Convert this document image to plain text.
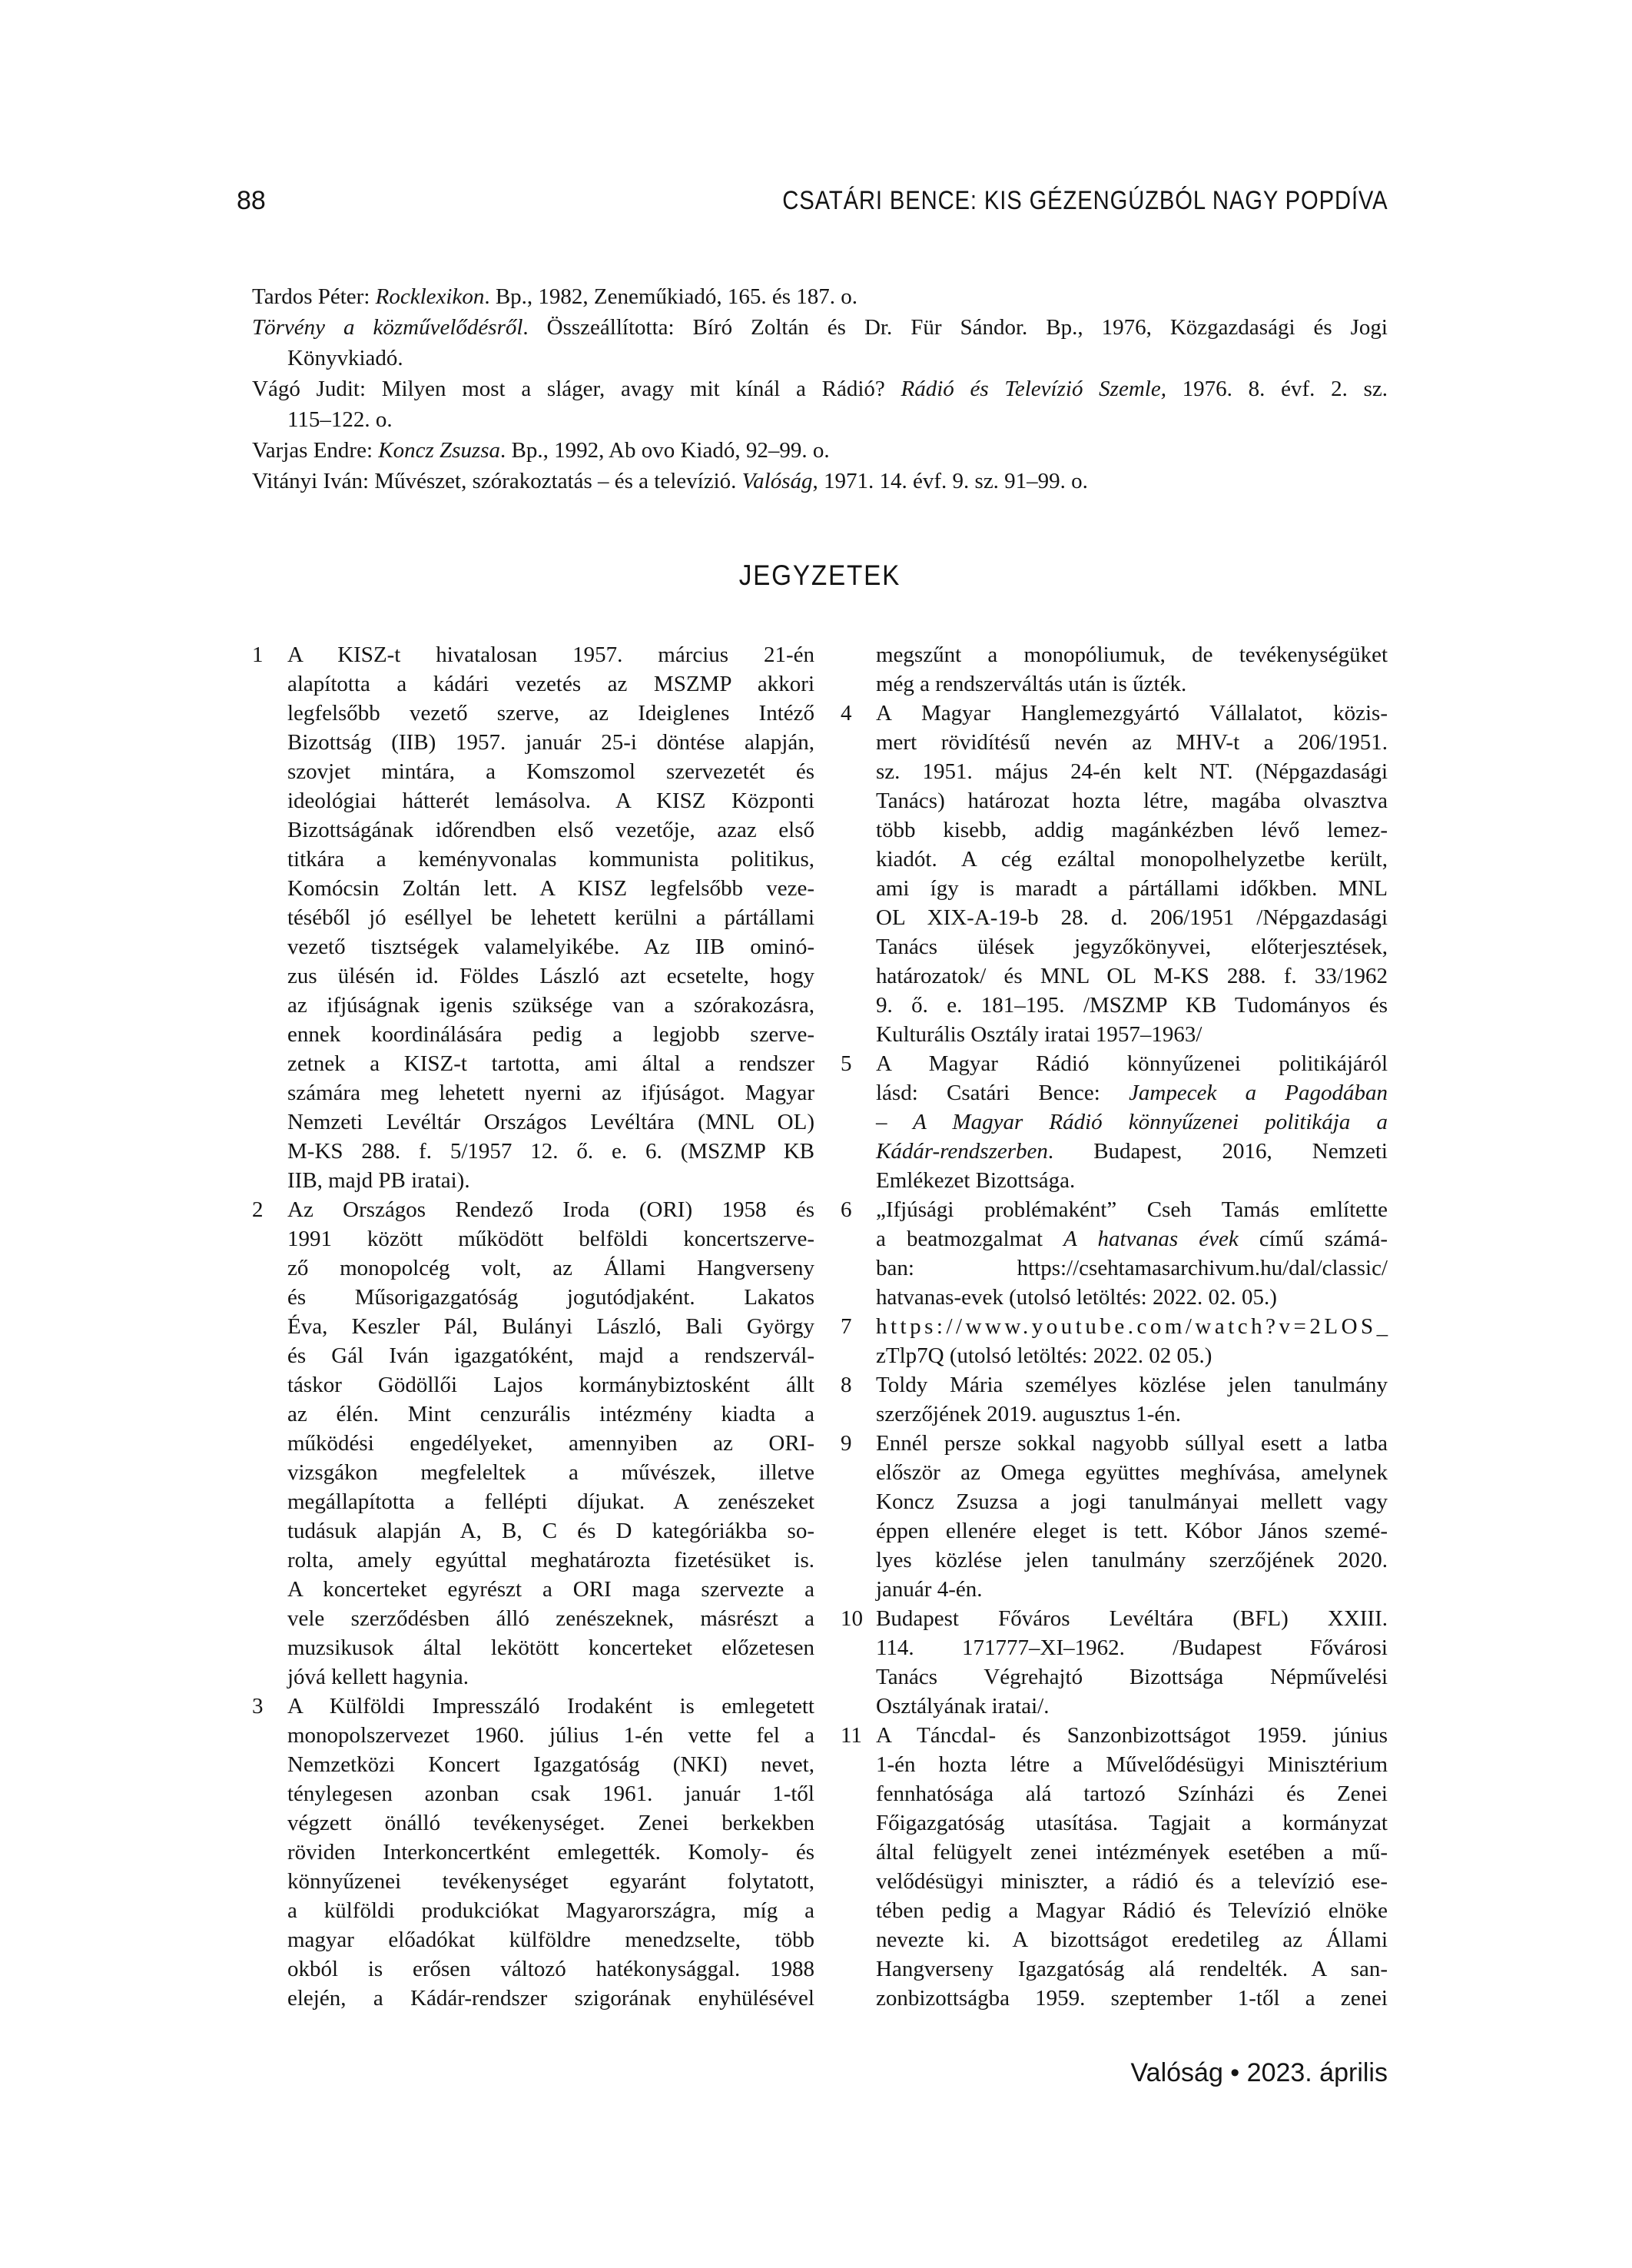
88	CSATÁRI BENCE: KIS GÉZENGÚZBÓL NAGY POPDÍVA
Tardos Péter: Rocklexikon. Bp., 1982, Zeneműkiadó, 165. és 187. o.
Törvény a közművelődésről. Összeállította: Bíró Zoltán és Dr. Für Sándor. Bp., 1976, Közgazdasági és Jogi
Könyvkiadó.
Vágó Judit: Milyen most a sláger, avagy mit kínál a Rádió? Rádió és Televízió Szemle, 1976. 8. évf. 2. sz.
115–122. o.
Varjas Endre: Koncz Zsuzsa. Bp., 1992, Ab ovo Kiadó, 92–99. o.
Vitányi Iván: Művészet, szórakoztatás – és a televízió. Valóság, 1971. 14. évf. 9. sz. 91–99. o.
JEGYZETEK
1	A KISZ-t hivatalosan 1957. március 21-én
alapította a kádári vezetés az MSZMP akkori
legfelsőbb vezető szerve, az Ideiglenes Intéző
Bizottság (IIB) 1957. január 25-i döntése alapján,
szovjet mintára, a Komszomol szervezetét és
ideológiai hátterét lemásolva. A KISZ Központi
Bizottságának időrendben első vezetője, azaz első
titkára a keményvonalas kommunista politikus,
Komócsin Zoltán lett. A KISZ legfelsőbb veze-
téséből jó eséllyel be lehetett kerülni a pártállami
vezető tisztségek valamelyikébe. Az IIB ominó-
zus ülésén id. Földes László azt ecsetelte, hogy
az ifjúságnak igenis szüksége van a szórakozásra,
ennek koordinálására pedig a legjobb szerve-
zetnek a KISZ-t tartotta, ami által a rendszer
számára meg lehetett nyerni az ifjúságot. Magyar
Nemzeti Levéltár Országos Levéltára (MNL OL)
M-KS 288. f. 5/1957 12. ő. e. 6. (MSZMP KB
IIB, majd PB iratai).
2	Az Országos Rendező Iroda (ORI) 1958 és
1991 között működött belföldi koncertszerve-
ző monopolcég volt, az Állami Hangverseny
és Műsorigazgatóság jogutódjaként. Lakatos
Éva, Keszler Pál, Bulányi László, Bali György
és Gál Iván igazgatóként, majd a rendszervál-
táskor Gödöllői Lajos kormánybiztosként állt
az élén. Mint cenzurális intézmény kiadta a
működési engedélyeket, amennyiben az ORI-
vizsgákon megfeleltek a művészek, illetve
megállapította a fellépti díjukat. A zenészeket
tudásuk alapján A, B, C és D kategóriákba so-
rolta, amely egyúttal meghatározta fizetésüket is.
A koncerteket egyrészt a ORI maga szervezte a
vele szerződésben álló zenészeknek, másrészt a
muzsikusok által lekötött koncerteket előzetesen
jóvá kellett hagynia.
3	A Külföldi Impresszáló Irodaként is emlegetett
monopolszervezet 1960. július 1-én vette fel a
Nemzetközi Koncert Igazgatóság (NKI) nevet,
ténylegesen azonban csak 1961. január 1-től
végzett önálló tevékenységet. Zenei berkekben
röviden Interkoncertként emlegették. Komoly- és
könnyűzenei tevékenységet egyaránt folytatott,
a külföldi produkciókat Magyarországra, míg a
magyar előadókat külföldre menedzselte, több
okból is erősen változó hatékonysággal. 1988
elején, a Kádár-rendszer szigorának enyhülésével
megszűnt a monopóliumuk, de tevékenységüket
még a rendszerváltás után is űzték.
4	A Magyar Hanglemezgyártó Vállalatot, közis-
mert rövidítésű nevén az MHV-t a 206/1951.
sz. 1951. május 24-én kelt NT. (Népgazdasági
Tanács) határozat hozta létre, magába olvasztva
több kisebb, addig magánkézben lévő lemez-
kiadót. A cég ezáltal monopolhelyzetbe került,
ami így is maradt a pártállami időkben. MNL
OL XIX-A-19-b 28. d. 206/1951 /Népgazdasági
Tanács ülések jegyzőkönyvei, előterjesztések,
határozatok/ és MNL OL M-KS 288. f. 33/1962
9. ő. e. 181–195. /MSZMP KB Tudományos és
Kulturális Osztály iratai 1957–1963/
5	A Magyar Rádió könnyűzenei politikájáról
lásd: Csatári Bence: Jampecek a Pagodában
– A Magyar Rádió könnyűzenei politikája a
Kádár-rendszerben. Budapest, 2016, Nemzeti
Emlékezet Bizottsága.
6	„Ifjúsági problémaként” Cseh Tamás említette
a beatmozgalmat A hatvanas évek című számá-
ban: https://csehtamasarchivum.hu/dal/classic/
hatvanas-evek (utolsó letöltés: 2022. 02. 05.)
7	https://www.youtube.com/watch?v=2LOS_
zTlp7Q (utolsó letöltés: 2022. 02 05.)
8	Toldy Mária személyes közlése jelen tanulmány
szerzőjének 2019. augusztus 1-én.
9	Ennél persze sokkal nagyobb súllyal esett a latba
először az Omega együttes meghívása, amelynek
Koncz Zsuzsa a jogi tanulmányai mellett vagy
éppen ellenére eleget is tett. Kóbor János szemé-
lyes közlése jelen tanulmány szerzőjének 2020.
január 4-én.
10 Budapest Főváros Levéltára (BFL) XXIII.
114. 171777–XI–1962. /Budapest Fővárosi
Tanács Végrehajtó Bizottsága Népművelési
Osztályának iratai/.
11 A Táncdal- és Sanzonbizottságot 1959. június
1-én hozta létre a Művelődésügyi Minisztérium
fennhatósága alá tartozó Színházi és Zenei
Főigazgatóság utasítása. Tagjait a kormányzat
által felügyelt zenei intézmények esetében a mű-
velődésügyi miniszter, a rádió és a televízió ese-
tében pedig a Magyar Rádió és Televízió elnöke
nevezte ki. A bizottságot eredetileg az Állami
Hangverseny Igazgatóság alá rendelték. A san-
zonbizottságba 1959. szeptember 1-től a zenei
Valóság • 2023. április
